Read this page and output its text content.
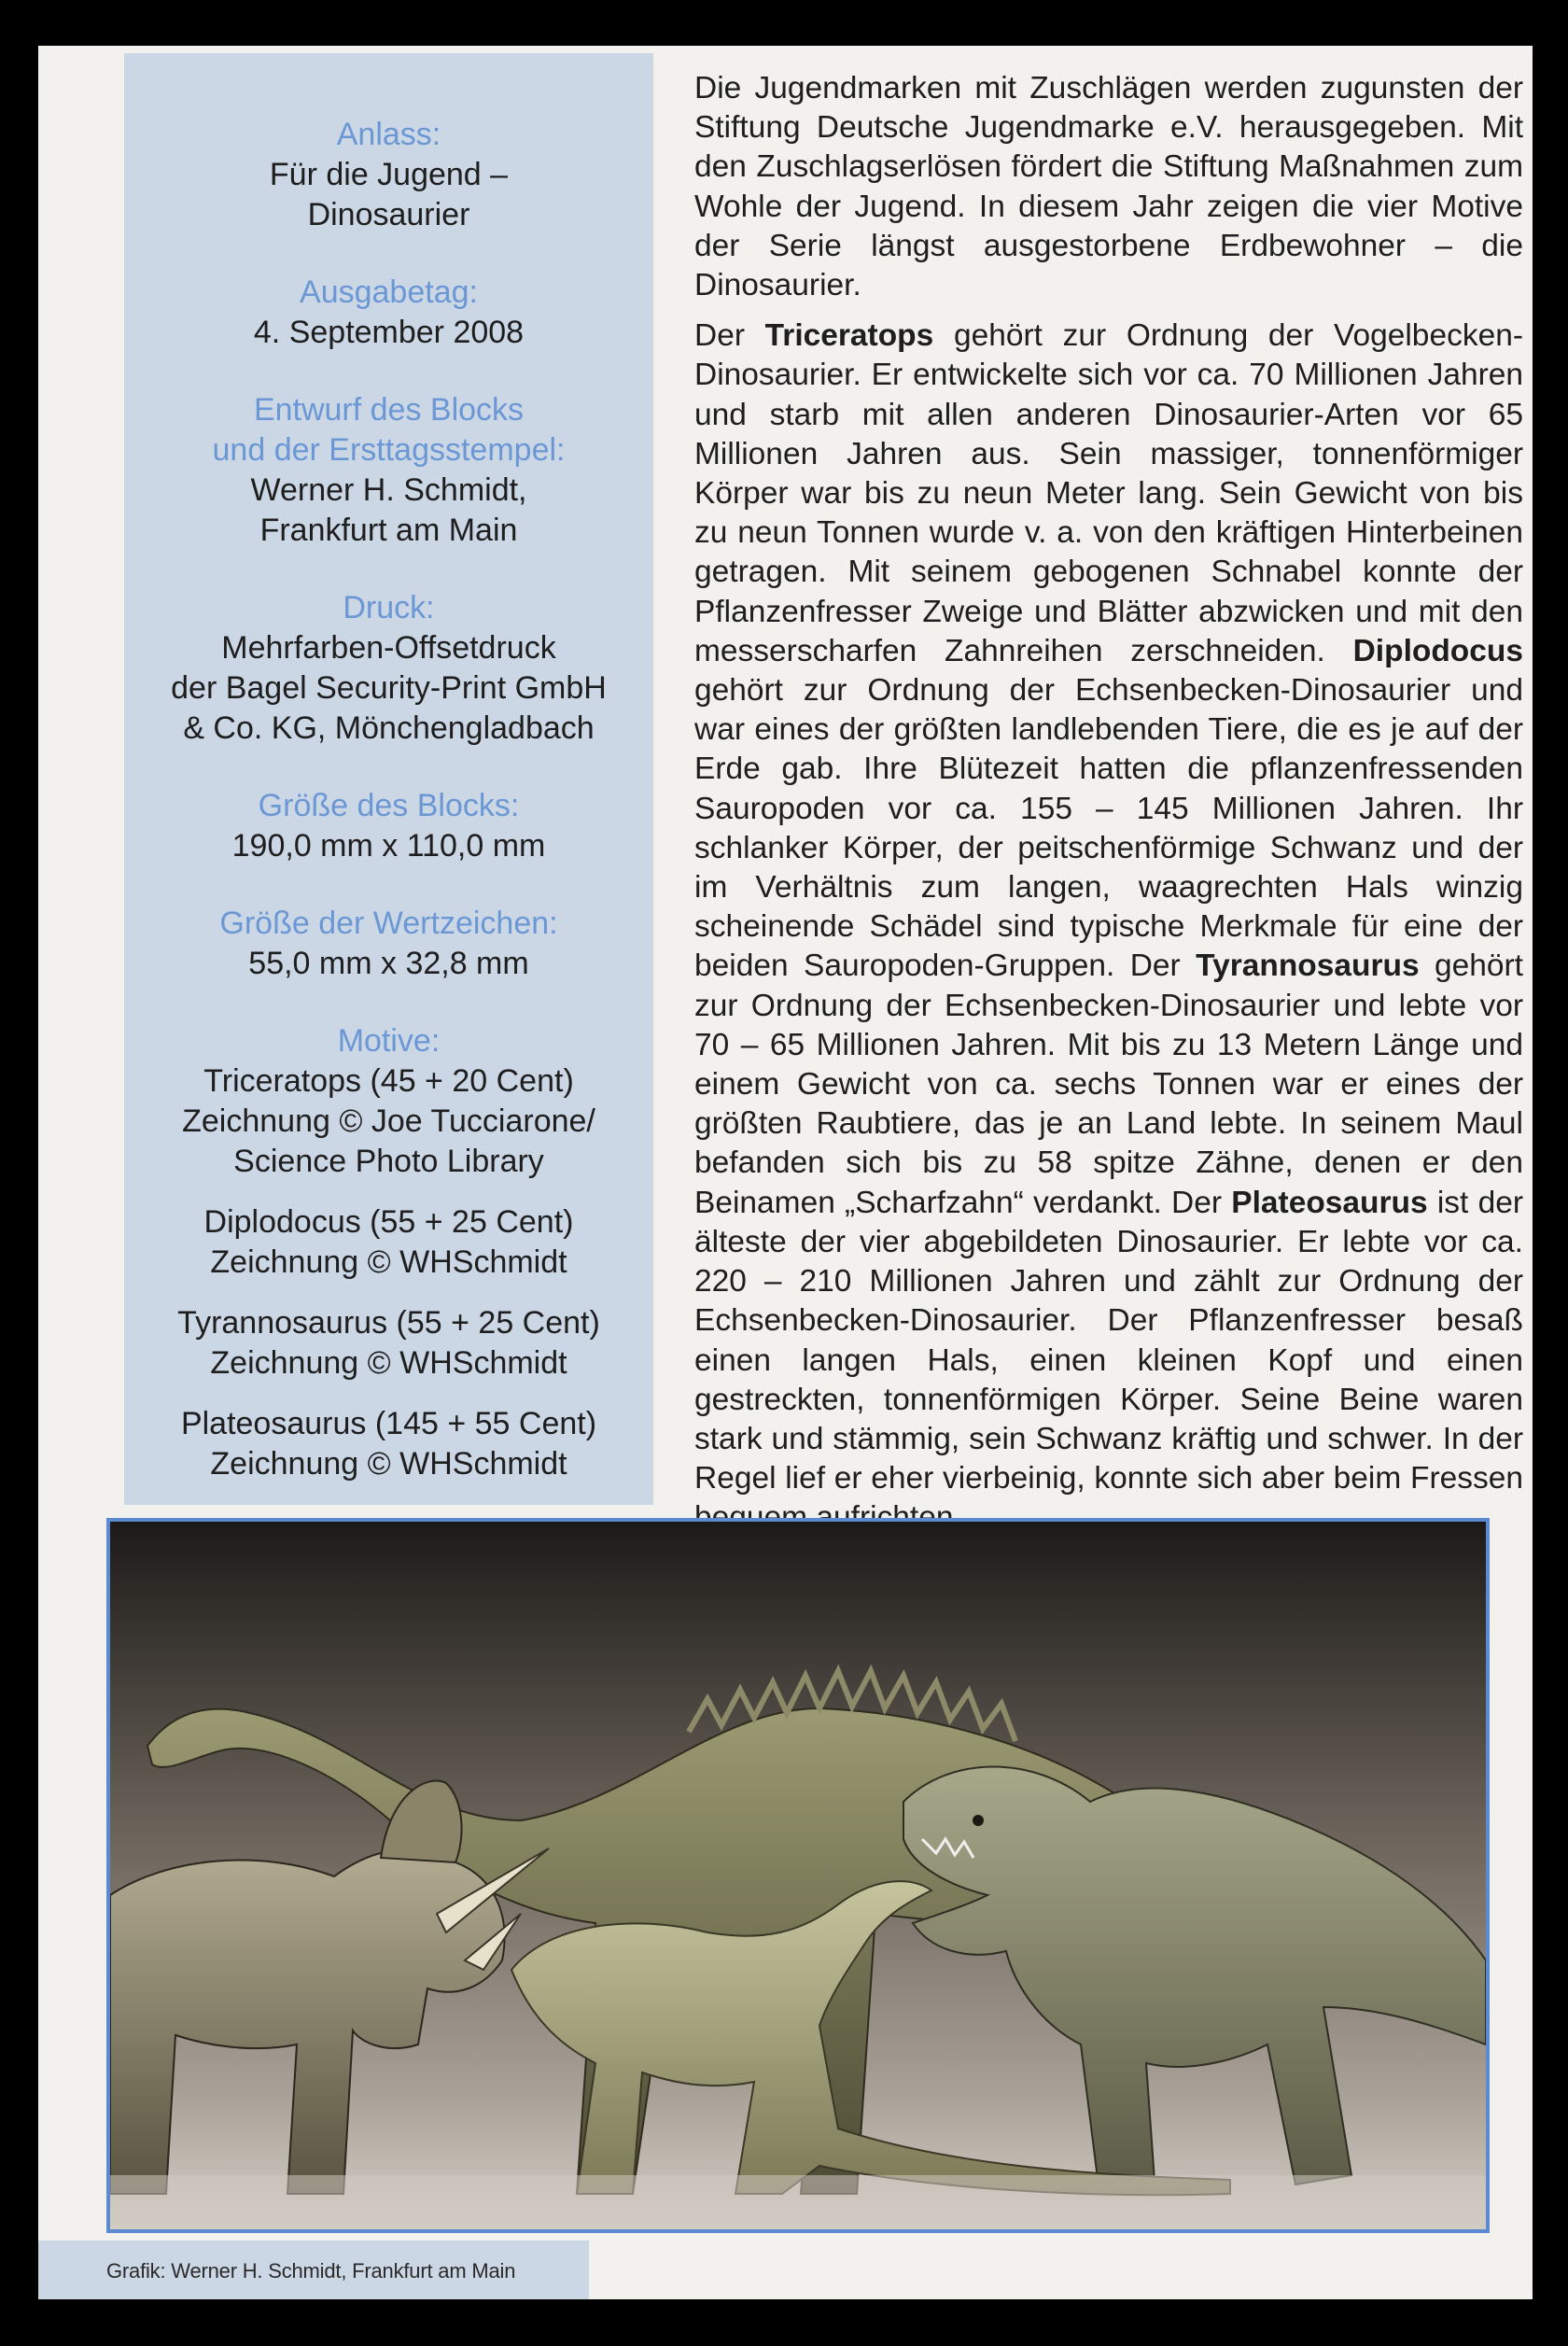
Anlass:
Für die Jugend –
Dinosaurier
Ausgabetag:
4. September 2008
Entwurf des Blocks
und der Ersttagsstempel:
Werner H. Schmidt,
Frankfurt am Main
Druck:
Mehrfarben-Offsetdruck
der Bagel Security-Print GmbH
& Co. KG, Mönchengladbach
Größe des Blocks:
190,0 mm x 110,0 mm
Größe der Wertzeichen:
55,0 mm x 32,8 mm
Motive:
Triceratops (45 + 20 Cent)
Zeichnung © Joe Tucciarone/
Science Photo Library
Diplodocus (55 + 25 Cent)
Zeichnung © WHSchmidt
Tyrannosaurus (55 + 25 Cent)
Zeichnung © WHSchmidt
Plateosaurus (145 + 55 Cent)
Zeichnung © WHSchmidt

Die Jugendmarken mit Zuschlägen werden zugunsten der Stiftung Deutsche Jugendmarke e.V. herausgegeben. Mit den Zuschlagserlösen fördert die Stiftung Maßnahmen zum Wohle der Jugend. In diesem Jahr zeigen die vier Motive der Serie längst ausgestorbene Erdbewohner – die Dinosaurier.

Der Triceratops gehört zur Ordnung der Vogelbecken-Dinosaurier. Er entwickelte sich vor ca. 70 Millionen Jahren und starb mit allen anderen Dinosaurier-Arten vor 65 Millionen Jahren aus. Sein massiger, tonnenförmiger Körper war bis zu neun Meter lang. Sein Gewicht von bis zu neun Tonnen wurde v. a. von den kräftigen Hinterbeinen getragen. Mit seinem gebogenen Schnabel konnte der Pflanzenfresser Zweige und Blätter abzwicken und mit den messerscharfen Zahnreihen zerschneiden. Diplodocus gehört zur Ordnung der Echsenbecken-Dinosaurier und war eines der größten landlebenden Tiere, die es je auf der Erde gab. Ihre Blütezeit hatten die pflanzenfressenden Sauropoden vor ca. 155 – 145 Millionen Jahren. Ihr schlanker Körper, der peitschenförmige Schwanz und der im Verhältnis zum langen, waagrechten Hals winzig scheinende Schädel sind typische Merkmale für eine der beiden Sauropoden-Gruppen. Der Tyrannosaurus gehört zur Ordnung der Echsenbecken-Dinosaurier und lebte vor 70 – 65 Millionen Jahren. Mit bis zu 13 Metern Länge und einem Gewicht von ca. sechs Tonnen war er eines der größten Raubtiere, das je an Land lebte. In seinem Maul befanden sich bis zu 58 spitze Zähne, denen er den Beinamen „Scharfzahn“ verdankt. Der Plateosaurus ist der älteste der vier abgebildeten Dinosaurier. Er lebte vor ca. 220 – 210 Millionen Jahren und zählt zur Ordnung der Echsenbecken-Dinosaurier. Der Pflanzenfresser besaß einen langen Hals, einen kleinen Kopf und einen gestreckten, tonnenförmigen Körper. Seine Beine waren stark und stämmig, sein Schwanz kräftig und schwer. In der Regel lief er eher vierbeinig, konnte sich aber beim Fressen

Grafik: Werner H. Schmidt, Frankfurt am Main
